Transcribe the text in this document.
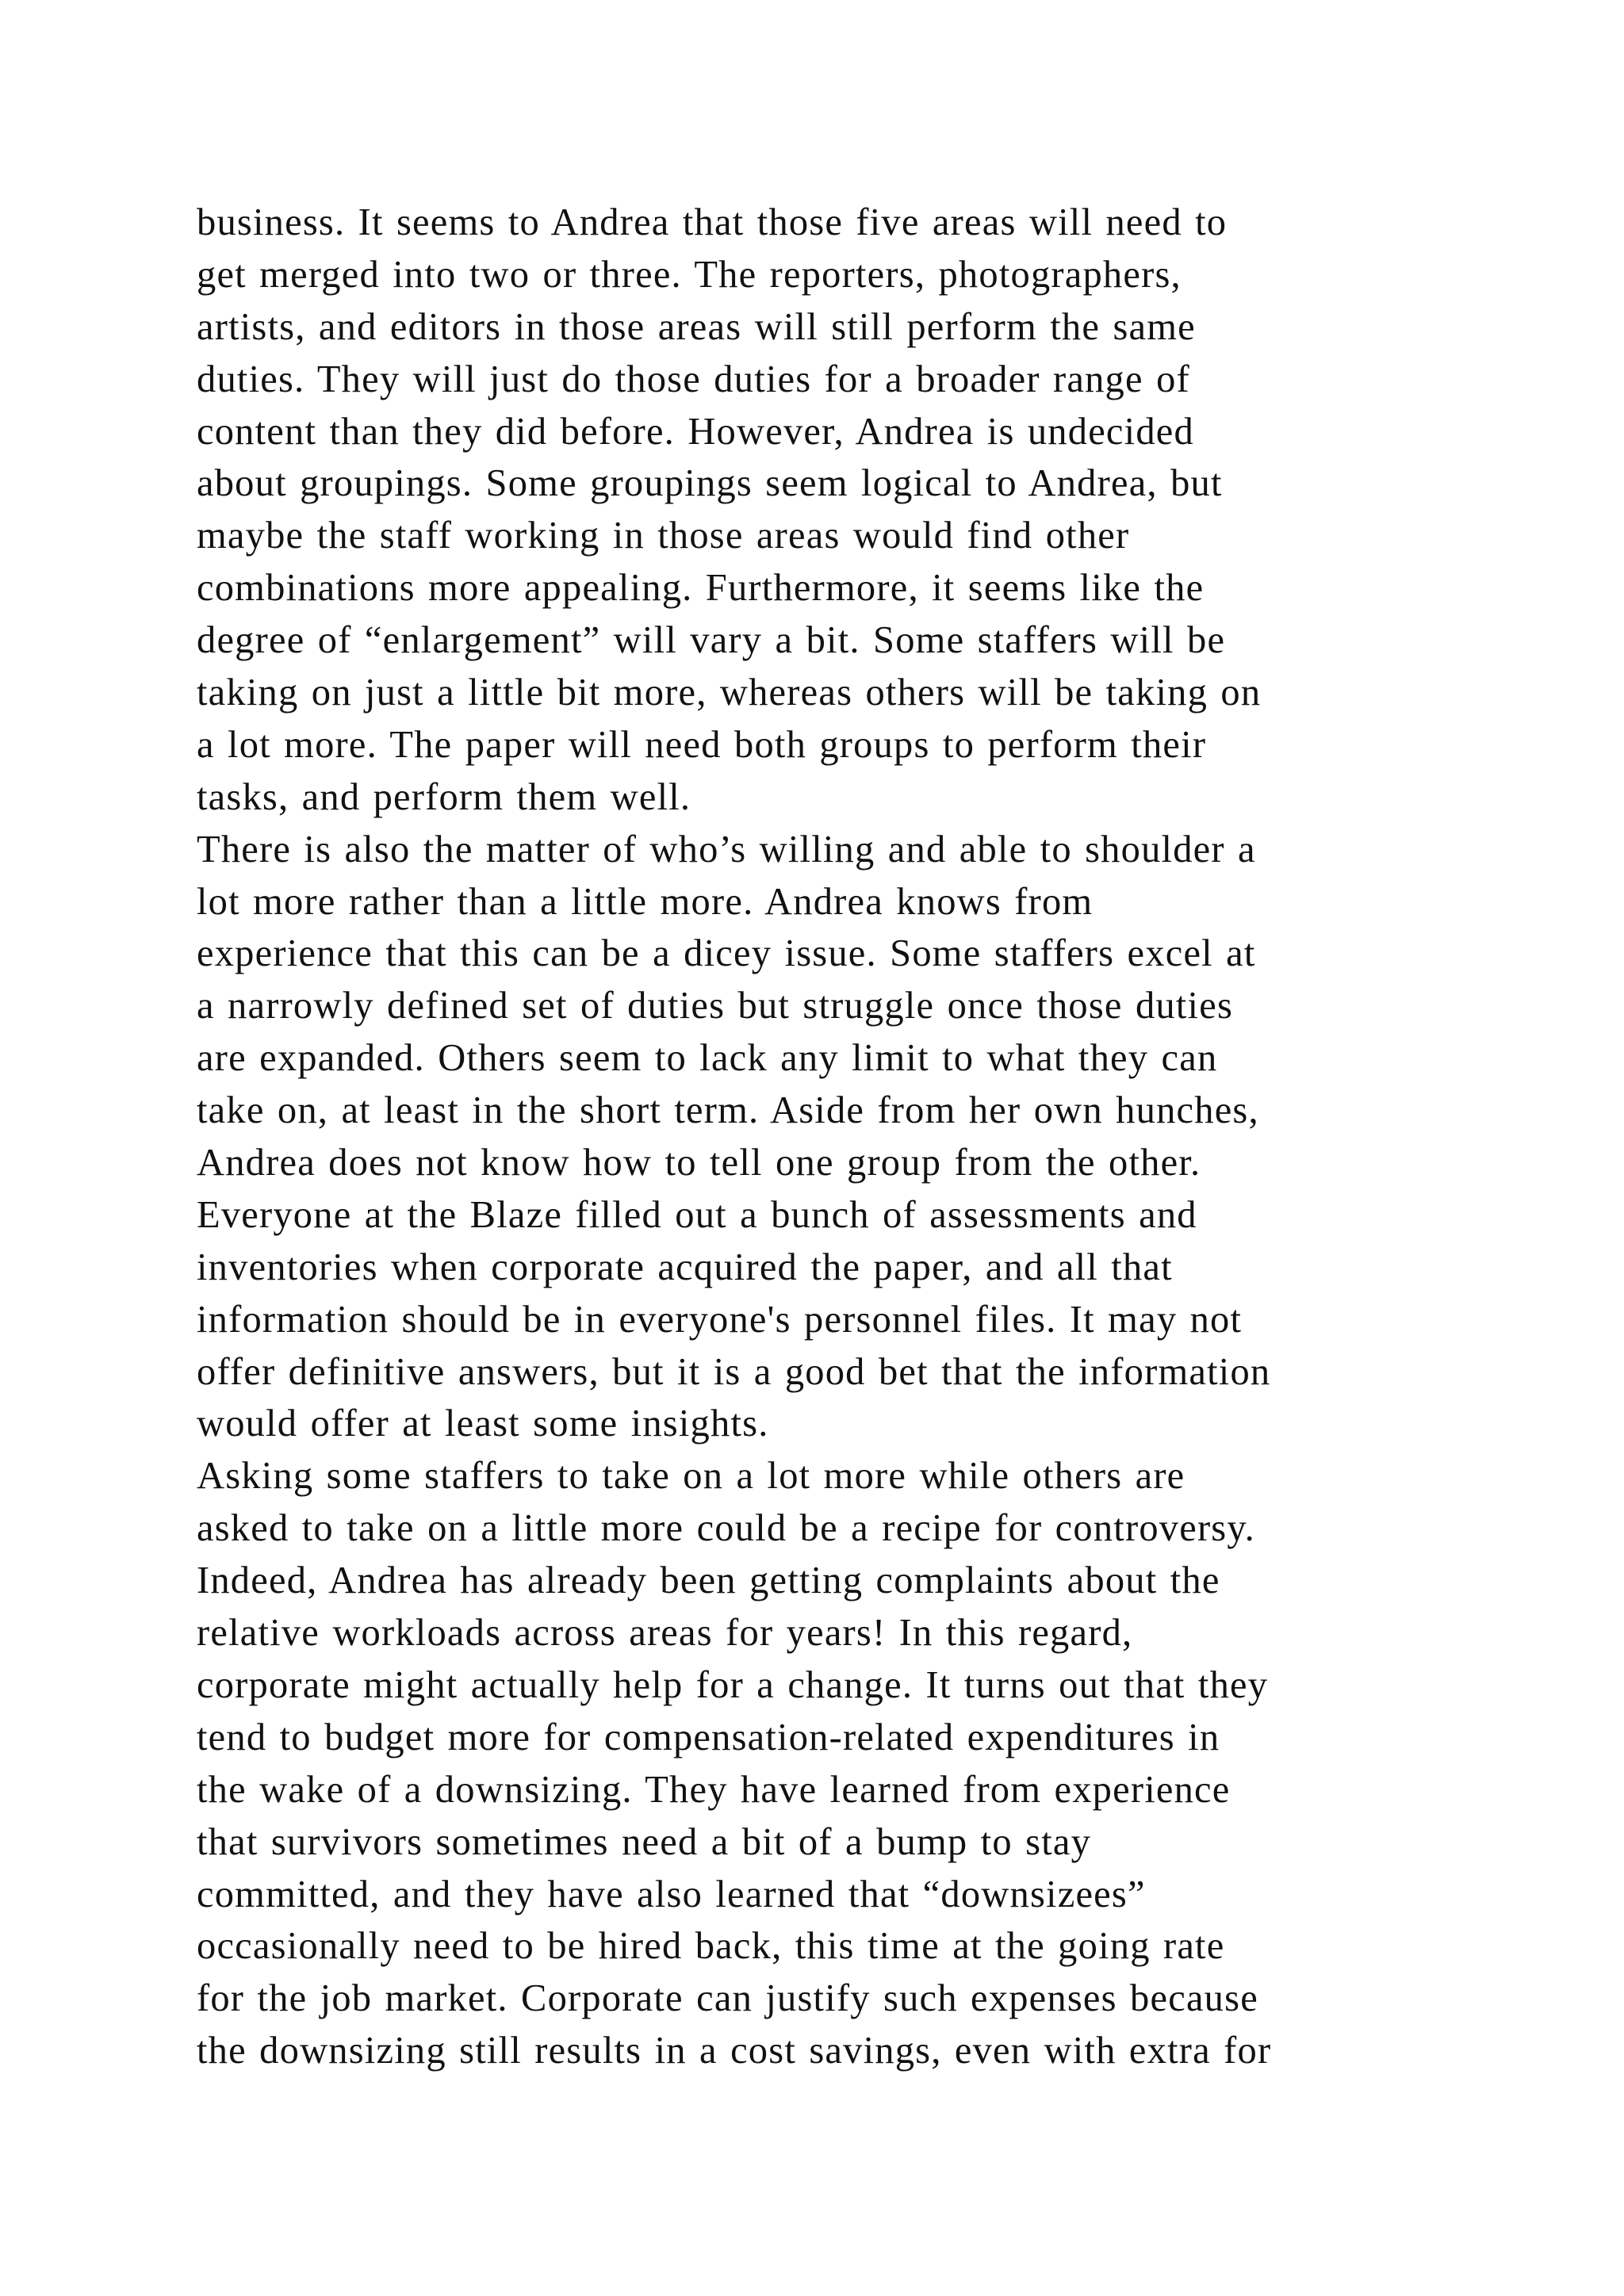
business. It seems to Andrea that those five areas will need to
get merged into two or three. The reporters, photographers,
artists, and editors in those areas will still perform the same
duties. They will just do those duties for a broader range of
content than they did before. However, Andrea is undecided
about groupings. Some groupings seem logical to Andrea, but
maybe the staff working in those areas would find other
combinations more appealing. Furthermore, it seems like the
degree of “enlargement” will vary a bit. Some staffers will be
taking on just a little bit more, whereas others will be taking on
a lot more. The paper will need both groups to perform their
tasks, and perform them well.
There is also the matter of who’s willing and able to shoulder a
lot more rather than a little more. Andrea knows from
experience that this can be a dicey issue. Some staffers excel at
a narrowly defined set of duties but struggle once those duties
are expanded. Others seem to lack any limit to what they can
take on, at least in the short term. Aside from her own hunches,
Andrea does not know how to tell one group from the other.
Everyone at the Blaze filled out a bunch of assessments and
inventories when corporate acquired the paper, and all that
information should be in everyone's personnel files. It may not
offer definitive answers, but it is a good bet that the information
would offer at least some insights.
Asking some staffers to take on a lot more while others are
asked to take on a little more could be a recipe for controversy.
Indeed, Andrea has already been getting complaints about the
relative workloads across areas for years! In this regard,
corporate might actually help for a change. It turns out that they
tend to budget more for compensation-related expenditures in
the wake of a downsizing. They have learned from experience
that survivors sometimes need a bit of a bump to stay
committed, and they have also learned that “downsizees”
occasionally need to be hired back, this time at the going rate
for the job market. Corporate can justify such expenses because
the downsizing still results in a cost savings, even with extra for
